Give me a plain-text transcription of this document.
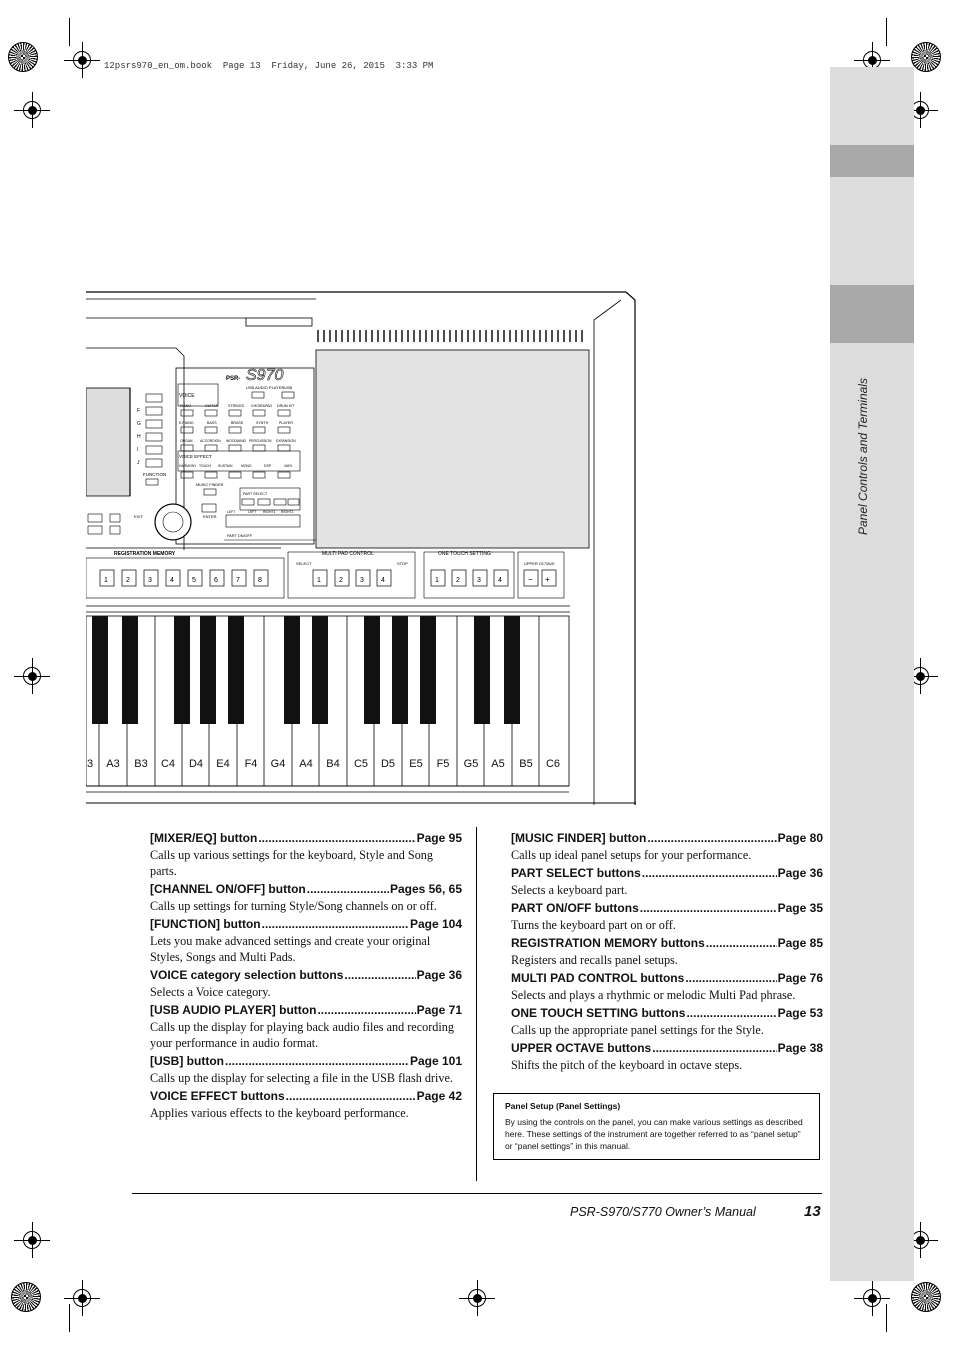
12psrs970_en_om.book  Page 13  Friday, June 26, 2015  3:33 PM
Panel Controls and Terminals
PSR- S970
F
G
H
I
J
FUNCTION
EXIT	ENTER
VOICE
USB AUDIO PLAYER USB
PIANO	GUITAR	STRINGS CHOIR&PAD DRUM KIT
E.PIANO	BASS	BRASS	SYNTH	PLAYER
ORGAN ACCORDION WOODWIND PERCUSSION EXPANSION
VOICE EFFECT
HARMONY TOUCH SUSTAIN	MONO	DSP	VARI.
MUSIC FINDER
PART SELECT
LEFT	LEFT RIGHT1 RIGHT2
PART ON/OFF
REGISTRATION MEMORY	MULTI PAD CONTROL	ONE TOUCH SETTING
UPPER OCTAVE
SELECT	STOP
1	2	3	4	5	6	7	8	1	2 3 4	1 2 3 4	− +
3	A3	B3	C4	D4	E4	F4	G4	A4	B4	C5	D5	E5	F5	G5	A5	B5	C6
[MIXER/EQ] button .....	Page 95
Calls up various settings for the keyboard, Style and Song parts.
[CHANNEL ON/OFF] button .....	Pages 56, 65
Calls up settings for turning Style/Song channels on or off.
[FUNCTION] button .....	Page 104
Lets you make advanced settings and create your original Styles, Songs and Multi Pads.
VOICE category selection buttons .....	Page 36
Selects a Voice category.
[USB AUDIO PLAYER] button .....	Page 71
Calls up the display for playing back audio files and recording your performance in audio format.
[USB] button .....	Page 101
Calls up the display for selecting a file in the USB flash drive.
VOICE EFFECT buttons .....	Page 42
Applies various effects to the keyboard performance.
[MUSIC FINDER] button .....	Page 80
Calls up ideal panel setups for your performance.
PART SELECT buttons .....	Page 36
Selects a keyboard part.
PART ON/OFF buttons .....	Page 35
Turns the keyboard part on or off.
REGISTRATION MEMORY buttons .....	Page 85
Registers and recalls panel setups.
MULTI PAD CONTROL buttons .....	Page 76
Selects and plays a rhythmic or melodic Multi Pad phrase.
ONE TOUCH SETTING buttons .....	Page 53
Calls up the appropriate panel settings for the Style.
UPPER OCTAVE buttons .....	Page 38
Shifts the pitch of the keyboard in octave steps.
Panel Setup (Panel Settings)
By using the controls on the panel, you can make various settings as described here. These settings of the instrument are together referred to as “panel setup” or “panel settings” in this manual.
PSR-S970/S770 Owner’s Manual	13
